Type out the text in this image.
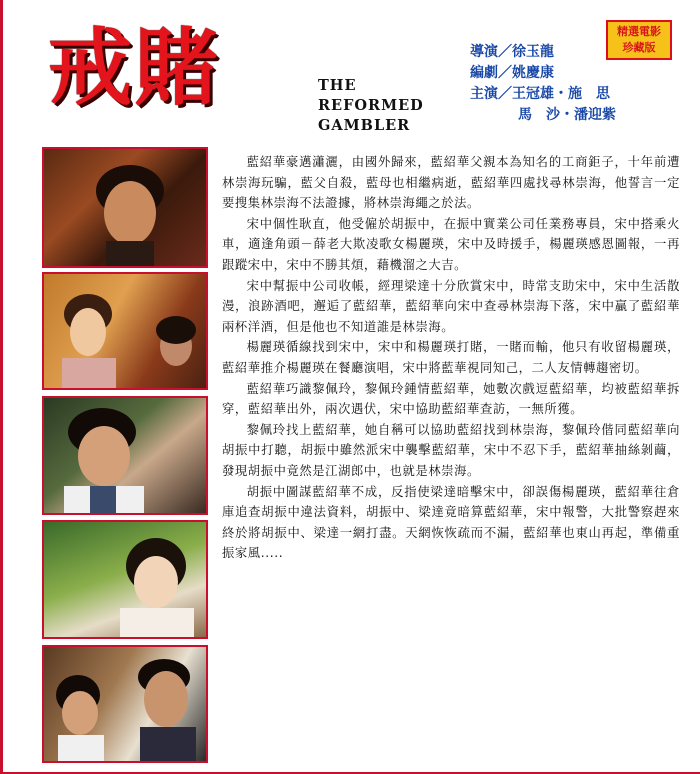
戒賭	THE
REFORMED
GAMBLER
精選電影
珍藏版
導演／徐玉龍
編劇／姚慶康
主演／王冠雄・施　思
馬　沙・潘迎紫

藍紹華豪邁瀟灑，由國外歸來，藍紹華父親本為知名的工商鉅子，十年前遭林崇海玩騙，藍父自殺，藍母也相繼病逝，藍紹華四處找尋林崇海，他誓言一定要搜集林崇海不法證據，將林崇海繩之於法。

宋中個性耿直，他受僱於胡振中，在振中實業公司任業務專員，宋中搭乘火車，適逢角頭－薛老大欺凌歌女楊麗瑛，宋中及時援手，楊麗瑛感恩圖報，一再跟蹤宋中，宋中不勝其煩，藉機溜之大吉。

宋中幫振中公司收帳，經理梁達十分欣賞宋中，時常支助宋中，宋中生活散漫，浪跡酒吧，邂逅了藍紹華，藍紹華向宋中查尋林崇海下落，宋中贏了藍紹華兩杯洋酒，但是他也不知道誰是林崇海。

楊麗瑛循線找到宋中，宋中和楊麗瑛打賭，一賭而輸，他只有收留楊麗瑛，藍紹華推介楊麗瑛在餐廳演唱，宋中將藍華視同知己，二人友情轉趨密切。

藍紹華巧識黎佩玲，黎佩玲鍾情藍紹華，她數次戲逗藍紹華，均被藍紹華拆穿，藍紹華出外，兩次遇伏，宋中協助藍紹華查訪，一無所獲。

黎佩玲找上藍紹華，她自稱可以協助藍紹找到林崇海，黎佩玲偕同藍紹華向胡振中打聽，胡振中雖然派宋中襲擊藍紹華，宋中不忍下手，藍紹華抽絲剝繭，發現胡振中竟然是江湖郎中，也就是林崇海。

胡振中圖謀藍紹華不成，反指使梁達暗擊宋中，卻誤傷楊麗瑛，藍紹華往倉庫追查胡振中違法資料，胡振中、梁達竟暗算藍紹華，宋中報警，大批警察趕來終於將胡振中、梁達一網打盡。天網恢恢疏而不漏，藍紹華也東山再起，準備重振家風.....
